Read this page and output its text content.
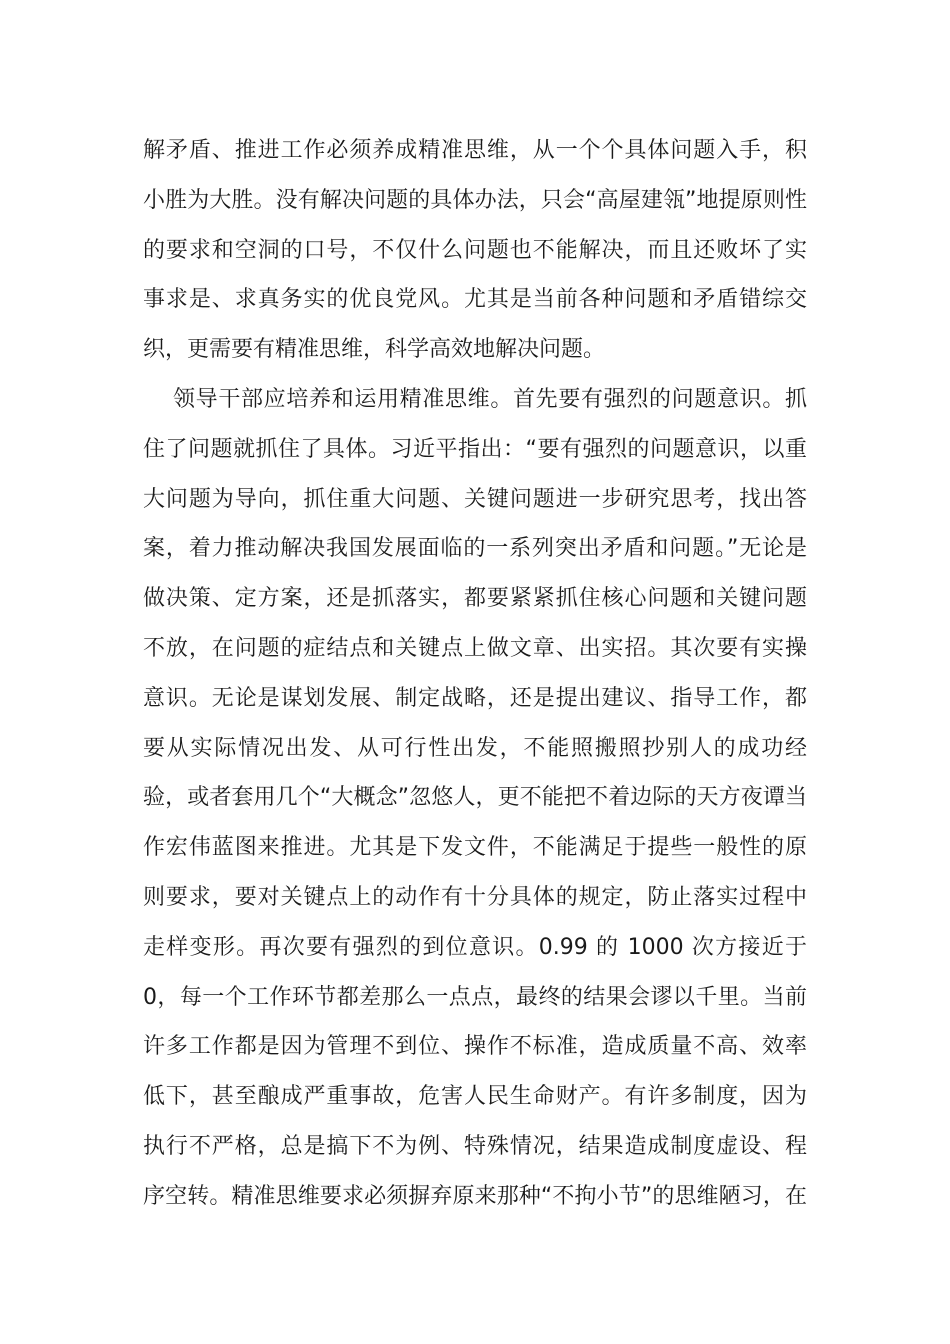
解矛盾、推进工作必须养成精准思维，从一个个具体问题入手，积
小胜为大胜。没有解决问题的具体办法，只会“高屋建瓴”地提原则性
的要求和空洞的口号，不仅什么问题也不能解决，而且还败坏了实
事求是、求真务实的优良党风。尤其是当前各种问题和矛盾错综交
织，更需要有精准思维，科学高效地解决问题。
领导干部应培养和运用精准思维。首先要有强烈的问题意识。抓
住了问题就抓住了具体。习近平指出：“要有强烈的问题意识，以重
大问题为导向，抓住重大问题、关键问题进一步研究思考，找出答
案，着力推动解决我国发展面临的一系列突出矛盾和问题。”无论是
做决策、定方案，还是抓落实，都要紧紧抓住核心问题和关键问题
不放，在问题的症结点和关键点上做文章、出实招。其次要有实操
意识。无论是谋划发展、制定战略，还是提出建议、指导工作，都
要从实际情况出发、从可行性出发，不能照搬照抄别人的成功经
验，或者套用几个“大概念”忽悠人，更不能把不着边际的天方夜谭当
作宏伟蓝图来推进。尤其是下发文件，不能满足于提些一般性的原
则要求，要对关键点上的动作有十分具体的规定，防止落实过程中
走样变形。再次要有强烈的到位意识。0.99 的 1000 次方接近于
0，每一个工作环节都差那么一点点，最终的结果会谬以千里。当前
许多工作都是因为管理不到位、操作不标准，造成质量不高、效率
低下，甚至酿成严重事故，危害人民生命财产。有许多制度，因为
执行不严格，总是搞下不为例、特殊情况，结果造成制度虚设、程
序空转。精准思维要求必须摒弃原来那种“不拘小节”的思维陋习，在
